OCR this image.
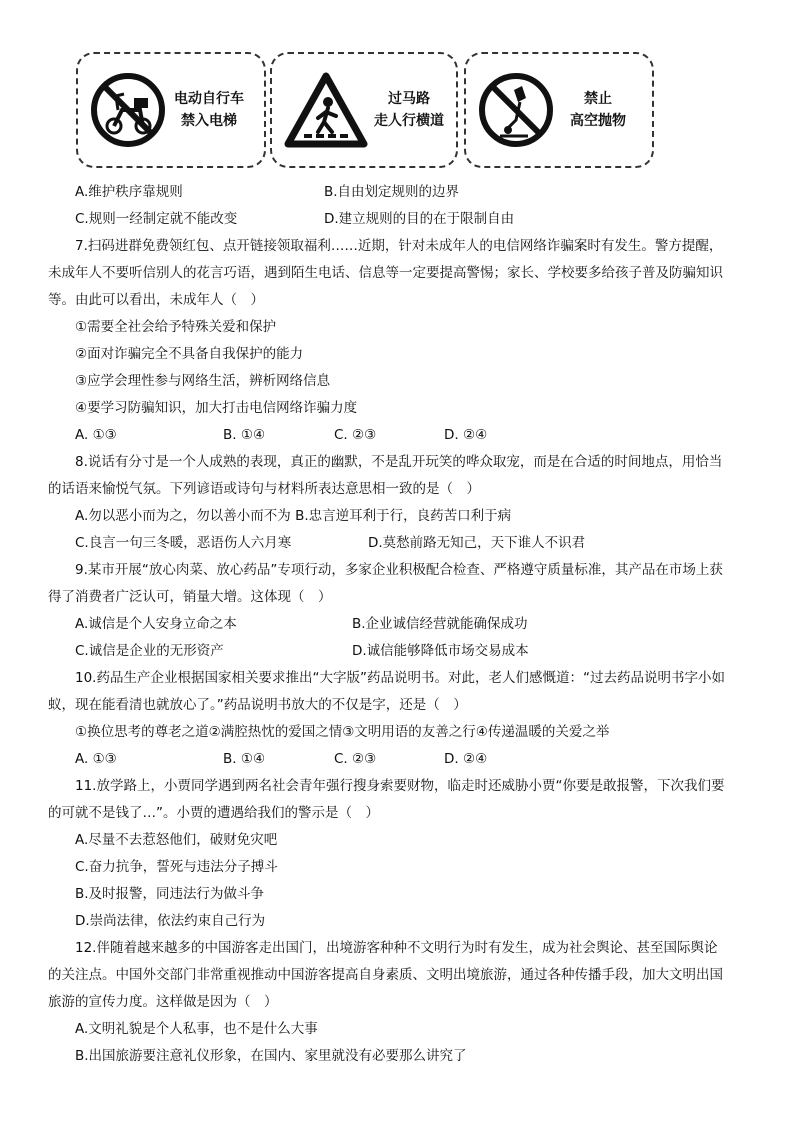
电动自行车
禁入电梯
过马路
走人行横道
禁止
高空抛物
A.维护秩序靠规则	B.自由划定规则的边界
C.规则一经制定就不能改变	D.建立规则的目的在于限制自由
7.扫码进群免费领红包、点开链接领取福利……近期，针对未成年人的电信网络诈骗案时有发生。警方提醒，
未成年人不要听信别人的花言巧语，遇到陌生电话、信息等一定要提高警惕；家长、学校要多给孩子普及防骗知识
等。由此可以看出，未成年人（　）
①需要全社会给予特殊关爱和保护
②面对诈骗完全不具备自我保护的能力
③应学会理性参与网络生活，辨析网络信息
④要学习防骗知识，加大打击电信网络诈骗力度
A. ①③	B. ①④	C. ②③	D. ②④
8.说话有分寸是一个人成熟的表现，真正的幽默，不是乱开玩笑的哗众取宠，而是在合适的时间地点，用恰当
的话语来愉悦气氛。下列谚语或诗句与材料所表达意思相一致的是（　）
A.勿以恶小而为之，勿以善小而不为 B.忠言逆耳利于行，良药苦口利于病
C.良言一句三冬暖，恶语伤人六月寒	D.莫愁前路无知己，天下谁人不识君
9.某市开展“放心肉菜、放心药品”专项行动，多家企业积极配合检查、严格遵守质量标准，其产品在市场上获
得了消费者广泛认可，销量大增。这体现（　）
A.诚信是个人安身立命之本	B.企业诚信经营就能确保成功
C.诚信是企业的无形资产	D.诚信能够降低市场交易成本
10.药品生产企业根据国家相关要求推出“大字版”药品说明书。对此，老人们感慨道：“过去药品说明书字小如
蚁，现在能看清也就放心了。”药品说明书放大的不仅是字，还是（　）
①换位思考的尊老之道②满腔热忱的爱国之情③文明用语的友善之行④传递温暖的关爱之举
A. ①③	B. ①④	C. ②③	D. ②④
11.放学路上，小贾同学遇到两名社会青年强行搜身索要财物，临走时还威胁小贾“你要是敢报警，下次我们要
的可就不是钱了…”。小贾的遭遇给我们的警示是（　）
A.尽量不去惹怒他们，破财免灾吧
C.奋力抗争，誓死与违法分子搏斗
B.及时报警，同违法行为做斗争
D.崇尚法律，依法约束自己行为
12.伴随着越来越多的中国游客走出国门，出境游客种种不文明行为时有发生，成为社会舆论、甚至国际舆论
的关注点。中国外交部门非常重视推动中国游客提高自身素质、文明出境旅游，通过各种传播手段，加大文明出国
旅游的宣传力度。这样做是因为（　）
A.文明礼貌是个人私事，也不是什么大事
B.出国旅游要注意礼仪形象，在国内、家里就没有必要那么讲究了
